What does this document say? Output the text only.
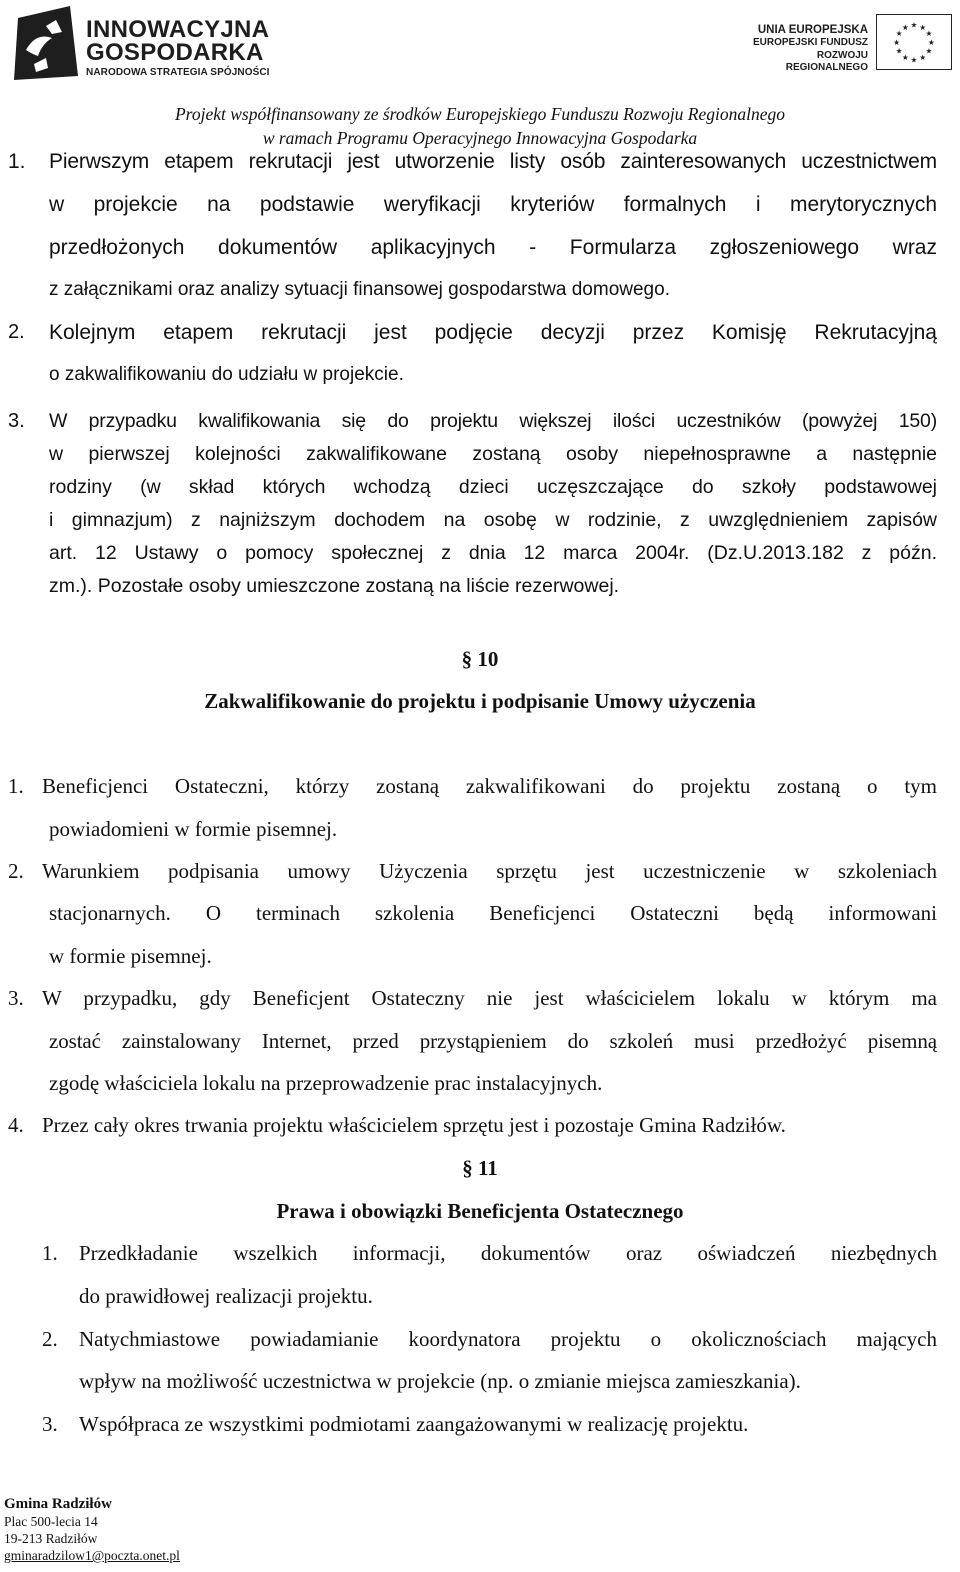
INNOWACYJNA
GOSPODARKA
NARODOWA STRATEGIA SPÓJNOŚCI
UNIA EUROPEJSKA
EUROPEJSKI FUNDUSZ
ROZWOJU REGIONALNEGO
★ ★
★
★
★
★
★
★
★
★
★
★
Projekt współfinansowany ze środków Europejskiego Funduszu Rozwoju Regionalnego
w ramach Programu Operacyjnego Innowacyjna Gospodarka
1. Pierwszym etapem rekrutacji jest utworzenie listy osób zainteresowanych uczestnictwem
w projekcie na podstawie weryfikacji kryteriów formalnych i merytorycznych
przedłożonych dokumentów aplikacyjnych - Formularza zgłoszeniowego wraz
z załącznikami oraz analizy sytuacji finansowej gospodarstwa domowego.
2. Kolejnym etapem rekrutacji jest podjęcie decyzji przez Komisję Rekrutacyjną
o zakwalifikowaniu do udziału w projekcie.
3. W przypadku kwalifikowania się do projektu większej ilości uczestników (powyżej 150)
w pierwszej kolejności zakwalifikowane zostaną osoby niepełnosprawne a następnie
rodziny (w skład których wchodzą dzieci uczęszczające do szkoły podstawowej
i gimnazjum) z najniższym dochodem na osobę w rodzinie, z uwzględnieniem zapisów
art. 12 Ustawy o pomocy społecznej z dnia 12 marca 2004r. (Dz.U.2013.182 z późn.
zm.). Pozostałe osoby umieszczone zostaną na liście rezerwowej.
§ 10
Zakwalifikowanie do projektu i podpisanie Umowy użyczenia
1. Beneficjenci Ostateczni, którzy zostaną zakwalifikowani do projektu zostaną o tym
powiadomieni w formie pisemnej.
2. Warunkiem podpisania umowy Użyczenia sprzętu jest uczestniczenie w szkoleniach
stacjonarnych. O terminach szkolenia Beneficjenci Ostateczni będą informowani
w formie pisemnej.
3. W przypadku, gdy Beneficjent Ostateczny nie jest właścicielem lokalu w którym ma
zostać zainstalowany Internet, przed przystąpieniem do szkoleń musi przedłożyć pisemną
zgodę właściciela lokalu na przeprowadzenie prac instalacyjnych.
4. Przez cały okres trwania projektu właścicielem sprzętu jest i pozostaje Gmina Radziłów.
§ 11
Prawa i obowiązki Beneficjenta Ostatecznego
1. Przedkładanie wszelkich informacji, dokumentów oraz oświadczeń niezbędnych
do prawidłowej realizacji projektu.
2. Natychmiastowe powiadamianie koordynatora projektu o okolicznościach mających
wpływ na możliwość uczestnictwa w projekcie (np. o zmianie miejsca zamieszkania).
3. Współpraca ze wszystkimi podmiotami zaangażowanymi w realizację projektu.
Gmina Radziłów
Plac 500-lecia 14
19-213 Radziłów
gminaradzilow1@poczta.onet.pl
